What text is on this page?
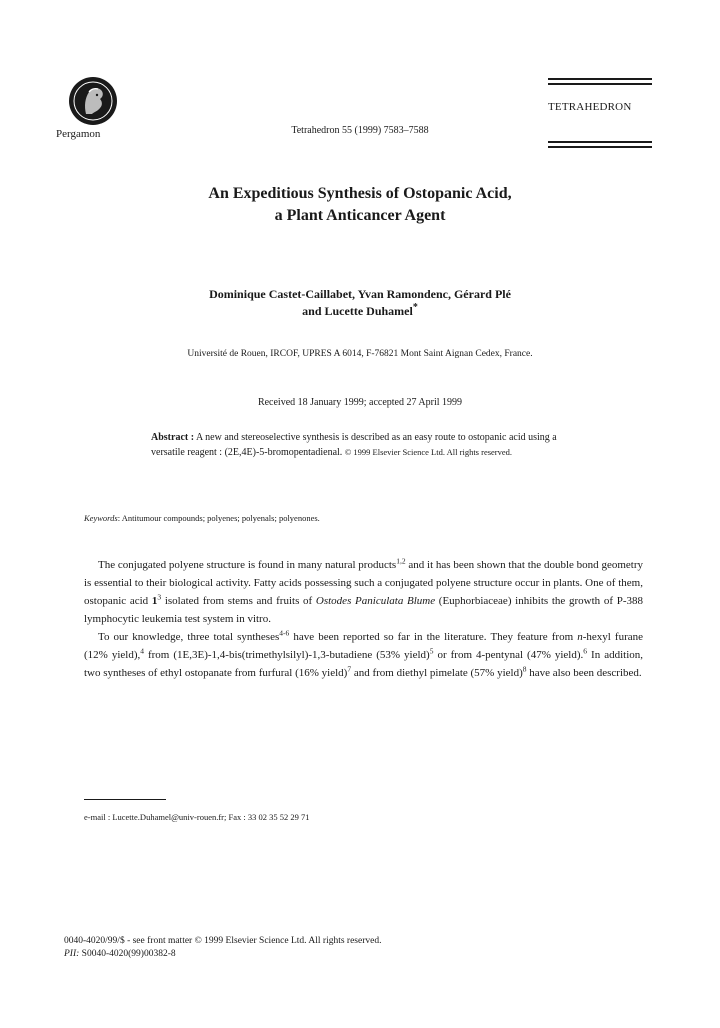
Pergamon	Tetrahedron 55 (1999) 7583–7588
TETRAHEDRON
An Expeditious Synthesis of Ostopanic Acid,
a Plant Anticancer Agent
Dominique Castet-Caillabet, Yvan Ramondenc, Gérard Plé
and Lucette Duhamel*
Université de Rouen, IRCOF, UPRES A 6014, F-76821 Mont Saint Aignan Cedex, France.
Received 18 January 1999; accepted 27 April 1999
Abstract : A new and stereoselective synthesis is described as an easy route to ostopanic acid using a versatile reagent : (2E,4E)-5-bromopentadienal. © 1999 Elsevier Science Ltd. All rights reserved.
Keywords: Antitumour compounds; polyenes; polyenals; polyenones.

The conjugated polyene structure is found in many natural products$^{1,2}$ and it has been shown that the double bond geometry is essential to their biological activity. Fatty acids possessing such a conjugated polyene structure occur in plants. One of them, ostopanic acid $1^3$ isolated from stems and fruits of Ostodes Paniculata Blume (Euphorbiaceae) inhibits the growth of P-388 lymphocytic leukemia test system in vitro.

To our knowledge, three total syntheses$^{4-6}$ have been reported so far in the literature. They feature from n-hexyl furane (12% yield),$^4$ from (1E,3E)-1,4-bis(trimethylsilyl)-1,3-butadiene (53% yield)$^5$ or from 4-pentynal (47% yield).$^6$ In addition, two syntheses of ethyl ostopanate from furfural (16% yield)$^7$ and from diethyl pimelate (57% yield)$^8$ have also been described.

e-mail : Lucette.Duhamel@univ-rouen.fr; Fax : 33 02 35 52 29 71
0040-4020/99/$ - see front matter © 1999 Elsevier Science Ltd. All rights reserved.
PII: S0040-4020(99)00382-8
